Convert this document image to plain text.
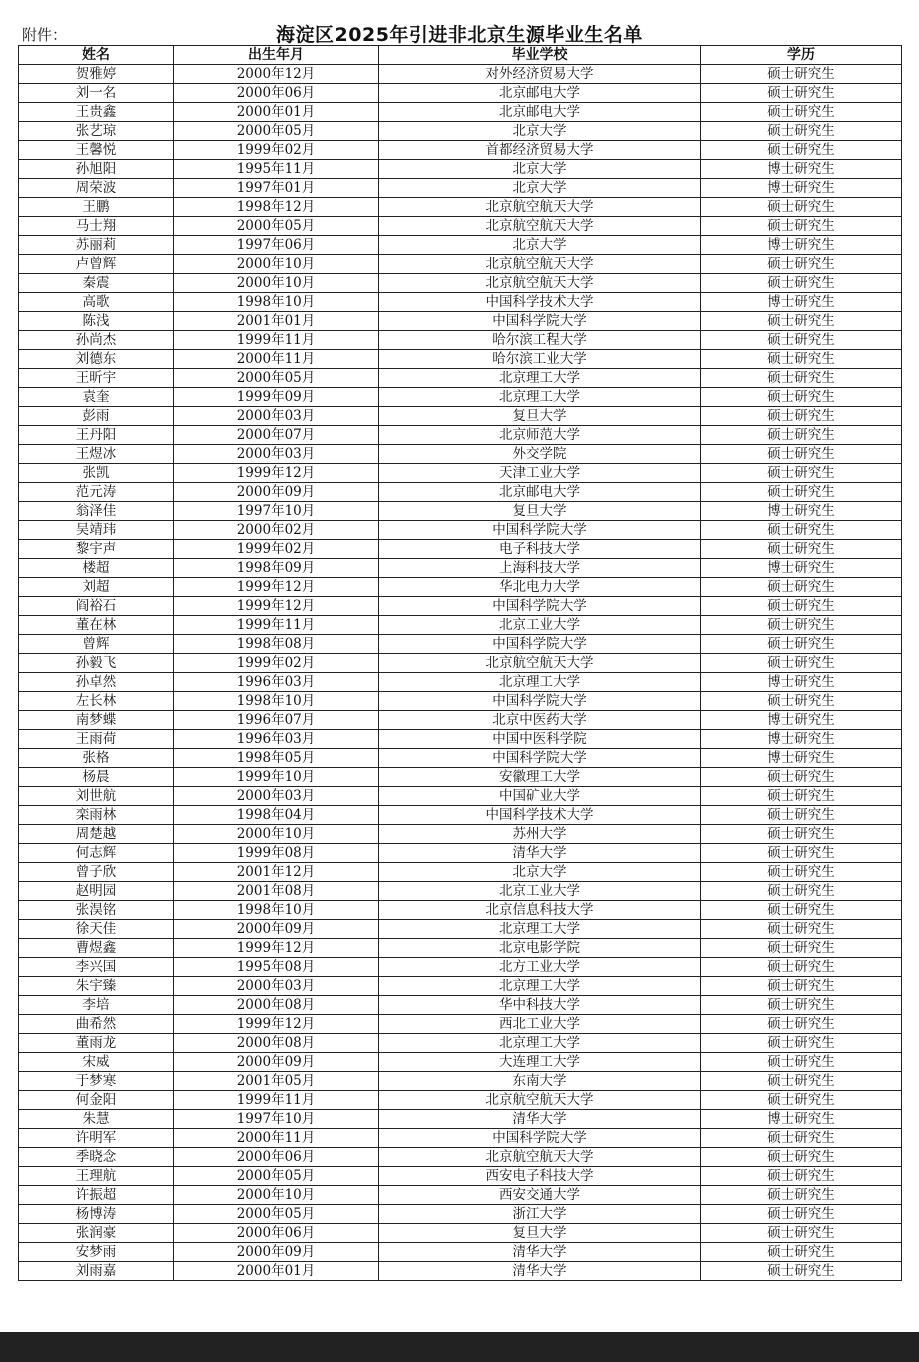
附件：	海淀区2025年引进非北京生源毕业生名单
姓名	出生年月	毕业学校	学历
贺雅婷	2000年12月	对外经济贸易大学	硕士研究生
刘一名	2000年06月	北京邮电大学	硕士研究生
王贵鑫	2000年01月	北京邮电大学	硕士研究生
张艺琼	2000年05月	北京大学	硕士研究生
王馨悦	1999年02月	首都经济贸易大学	硕士研究生
孙旭阳	1995年11月	北京大学	博士研究生
周荣波	1997年01月	北京大学	博士研究生
王鹏	1998年12月	北京航空航天大学	硕士研究生
马士翔	2000年05月	北京航空航天大学	硕士研究生
苏丽莉	1997年06月	北京大学	博士研究生
卢曾辉	2000年10月	北京航空航天大学	硕士研究生
秦震	2000年10月	北京航空航天大学	硕士研究生
高歌	1998年10月	中国科学技术大学	博士研究生
陈浅	2001年01月	中国科学院大学	硕士研究生
孙尚杰	1999年11月	哈尔滨工程大学	硕士研究生
刘德东	2000年11月	哈尔滨工业大学	硕士研究生
王昕宇	2000年05月	北京理工大学	硕士研究生
袁奎	1999年09月	北京理工大学	硕士研究生
彭雨	2000年03月	复旦大学	硕士研究生
王丹阳	2000年07月	北京师范大学	硕士研究生
王煜冰	2000年03月	外交学院	硕士研究生
张凯	1999年12月	天津工业大学	硕士研究生
范元涛	2000年09月	北京邮电大学	硕士研究生
翁泽佳	1997年10月	复旦大学	博士研究生
吴靖玮	2000年02月	中国科学院大学	硕士研究生
黎宇声	1999年02月	电子科技大学	硕士研究生
楼超	1998年09月	上海科技大学	博士研究生
刘超	1999年12月	华北电力大学	硕士研究生
阎裕石	1999年12月	中国科学院大学	硕士研究生
董在林	1999年11月	北京工业大学	硕士研究生
曾辉	1998年08月	中国科学院大学	硕士研究生
孙毅飞	1999年02月	北京航空航天大学	硕士研究生
孙卓然	1996年03月	北京理工大学	博士研究生
左长林	1998年10月	中国科学院大学	硕士研究生
南梦蝶	1996年07月	北京中医药大学	博士研究生
王雨荷	1996年03月	中国中医科学院	博士研究生
张格	1998年05月	中国科学院大学	博士研究生
杨晨	1999年10月	安徽理工大学	硕士研究生
刘世航	2000年03月	中国矿业大学	硕士研究生
栾雨林	1998年04月	中国科学技术大学	硕士研究生
周楚越	2000年10月	苏州大学	硕士研究生
何志辉	1999年08月	清华大学	硕士研究生
曾子欣	2001年12月	北京大学	硕士研究生
赵明园	2001年08月	北京工业大学	硕士研究生
张淏铭	1998年10月	北京信息科技大学	硕士研究生
徐天佳	2000年09月	北京理工大学	硕士研究生
曹煜鑫	1999年12月	北京电影学院	硕士研究生
李兴国	1995年08月	北方工业大学	硕士研究生
朱宇臻	2000年03月	北京理工大学	硕士研究生
李培	2000年08月	华中科技大学	硕士研究生
曲希然	1999年12月	西北工业大学	硕士研究生
董雨龙	2000年08月	北京理工大学	硕士研究生
宋威	2000年09月	大连理工大学	硕士研究生
于梦寒	2001年05月	东南大学	硕士研究生
何金阳	1999年11月	北京航空航天大学	硕士研究生
朱慧	1997年10月	清华大学	博士研究生
许明军	2000年11月	中国科学院大学	硕士研究生
季晓念	2000年06月	北京航空航天大学	硕士研究生
王理航	2000年05月	西安电子科技大学	硕士研究生
许振超	2000年10月	西安交通大学	硕士研究生
杨博涛	2000年05月	浙江大学	硕士研究生
张润豪	2000年06月	复旦大学	硕士研究生
安梦雨	2000年09月	清华大学	硕士研究生
刘雨嘉	2000年01月	清华大学	硕士研究生
